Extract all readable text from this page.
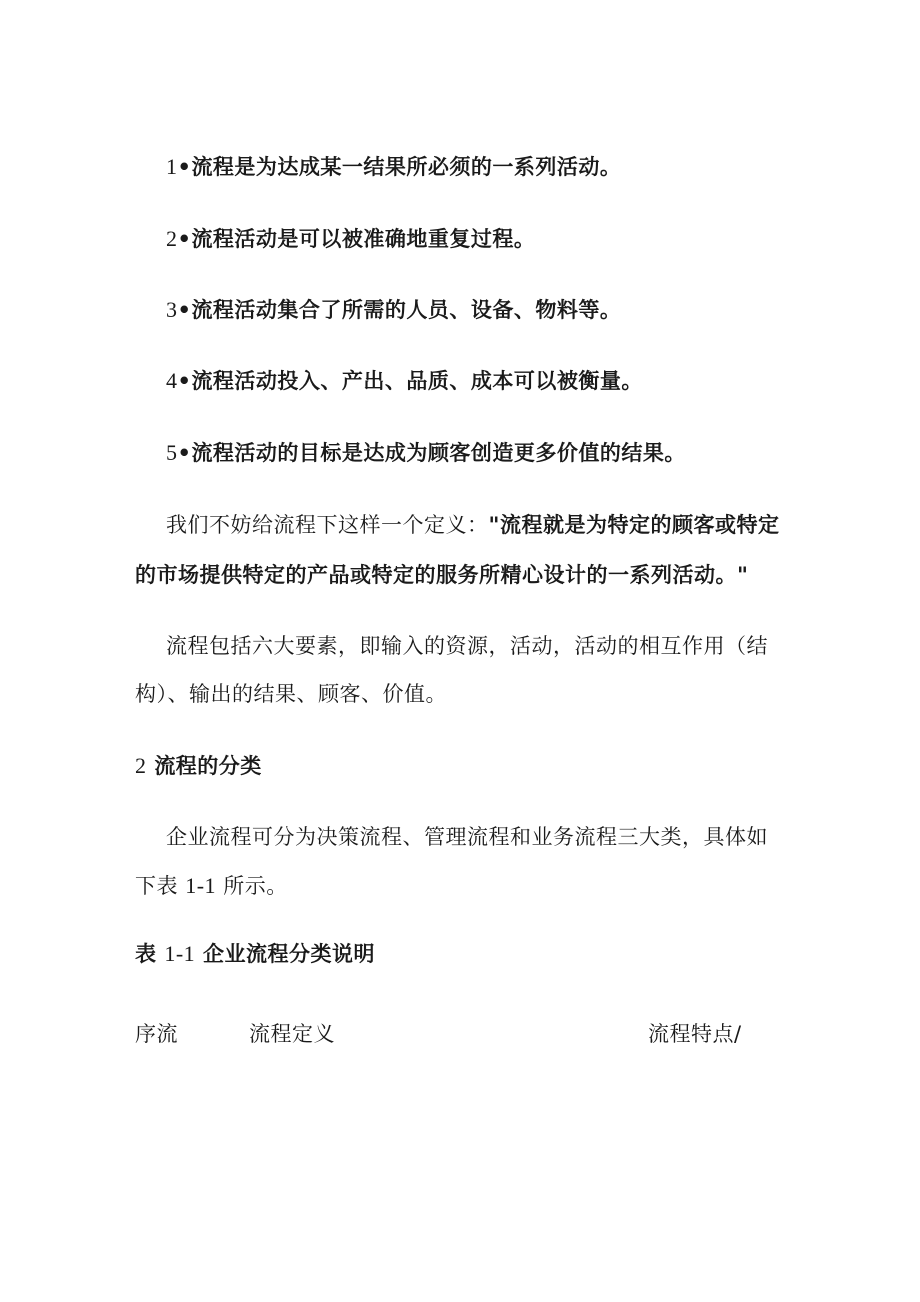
1•流程是为达成某一结果所必须的一系列活动。
2•流程活动是可以被准确地重复过程。
3•流程活动集合了所需的人员、设备、物料等。
4•流程活动投入、产出、品质、成本可以被衡量。
5•流程活动的目标是达成为顾客创造更多价值的结果。
我们不妨给流程下这样一个定义："流程就是为特定的顾客或特定
的市场提供特定的产品或特定的服务所精心设计的一系列活动。"
流程包括六大要素，即输入的资源，活动，活动的相互作用（结
构）、输出的结果、顾客、价值。
2 流程的分类
企业流程可分为决策流程、管理流程和业务流程三大类，具体如
下表 1-1 所示。
表 1-1 企业流程分类说明
序流	流程定义	流程特点/
